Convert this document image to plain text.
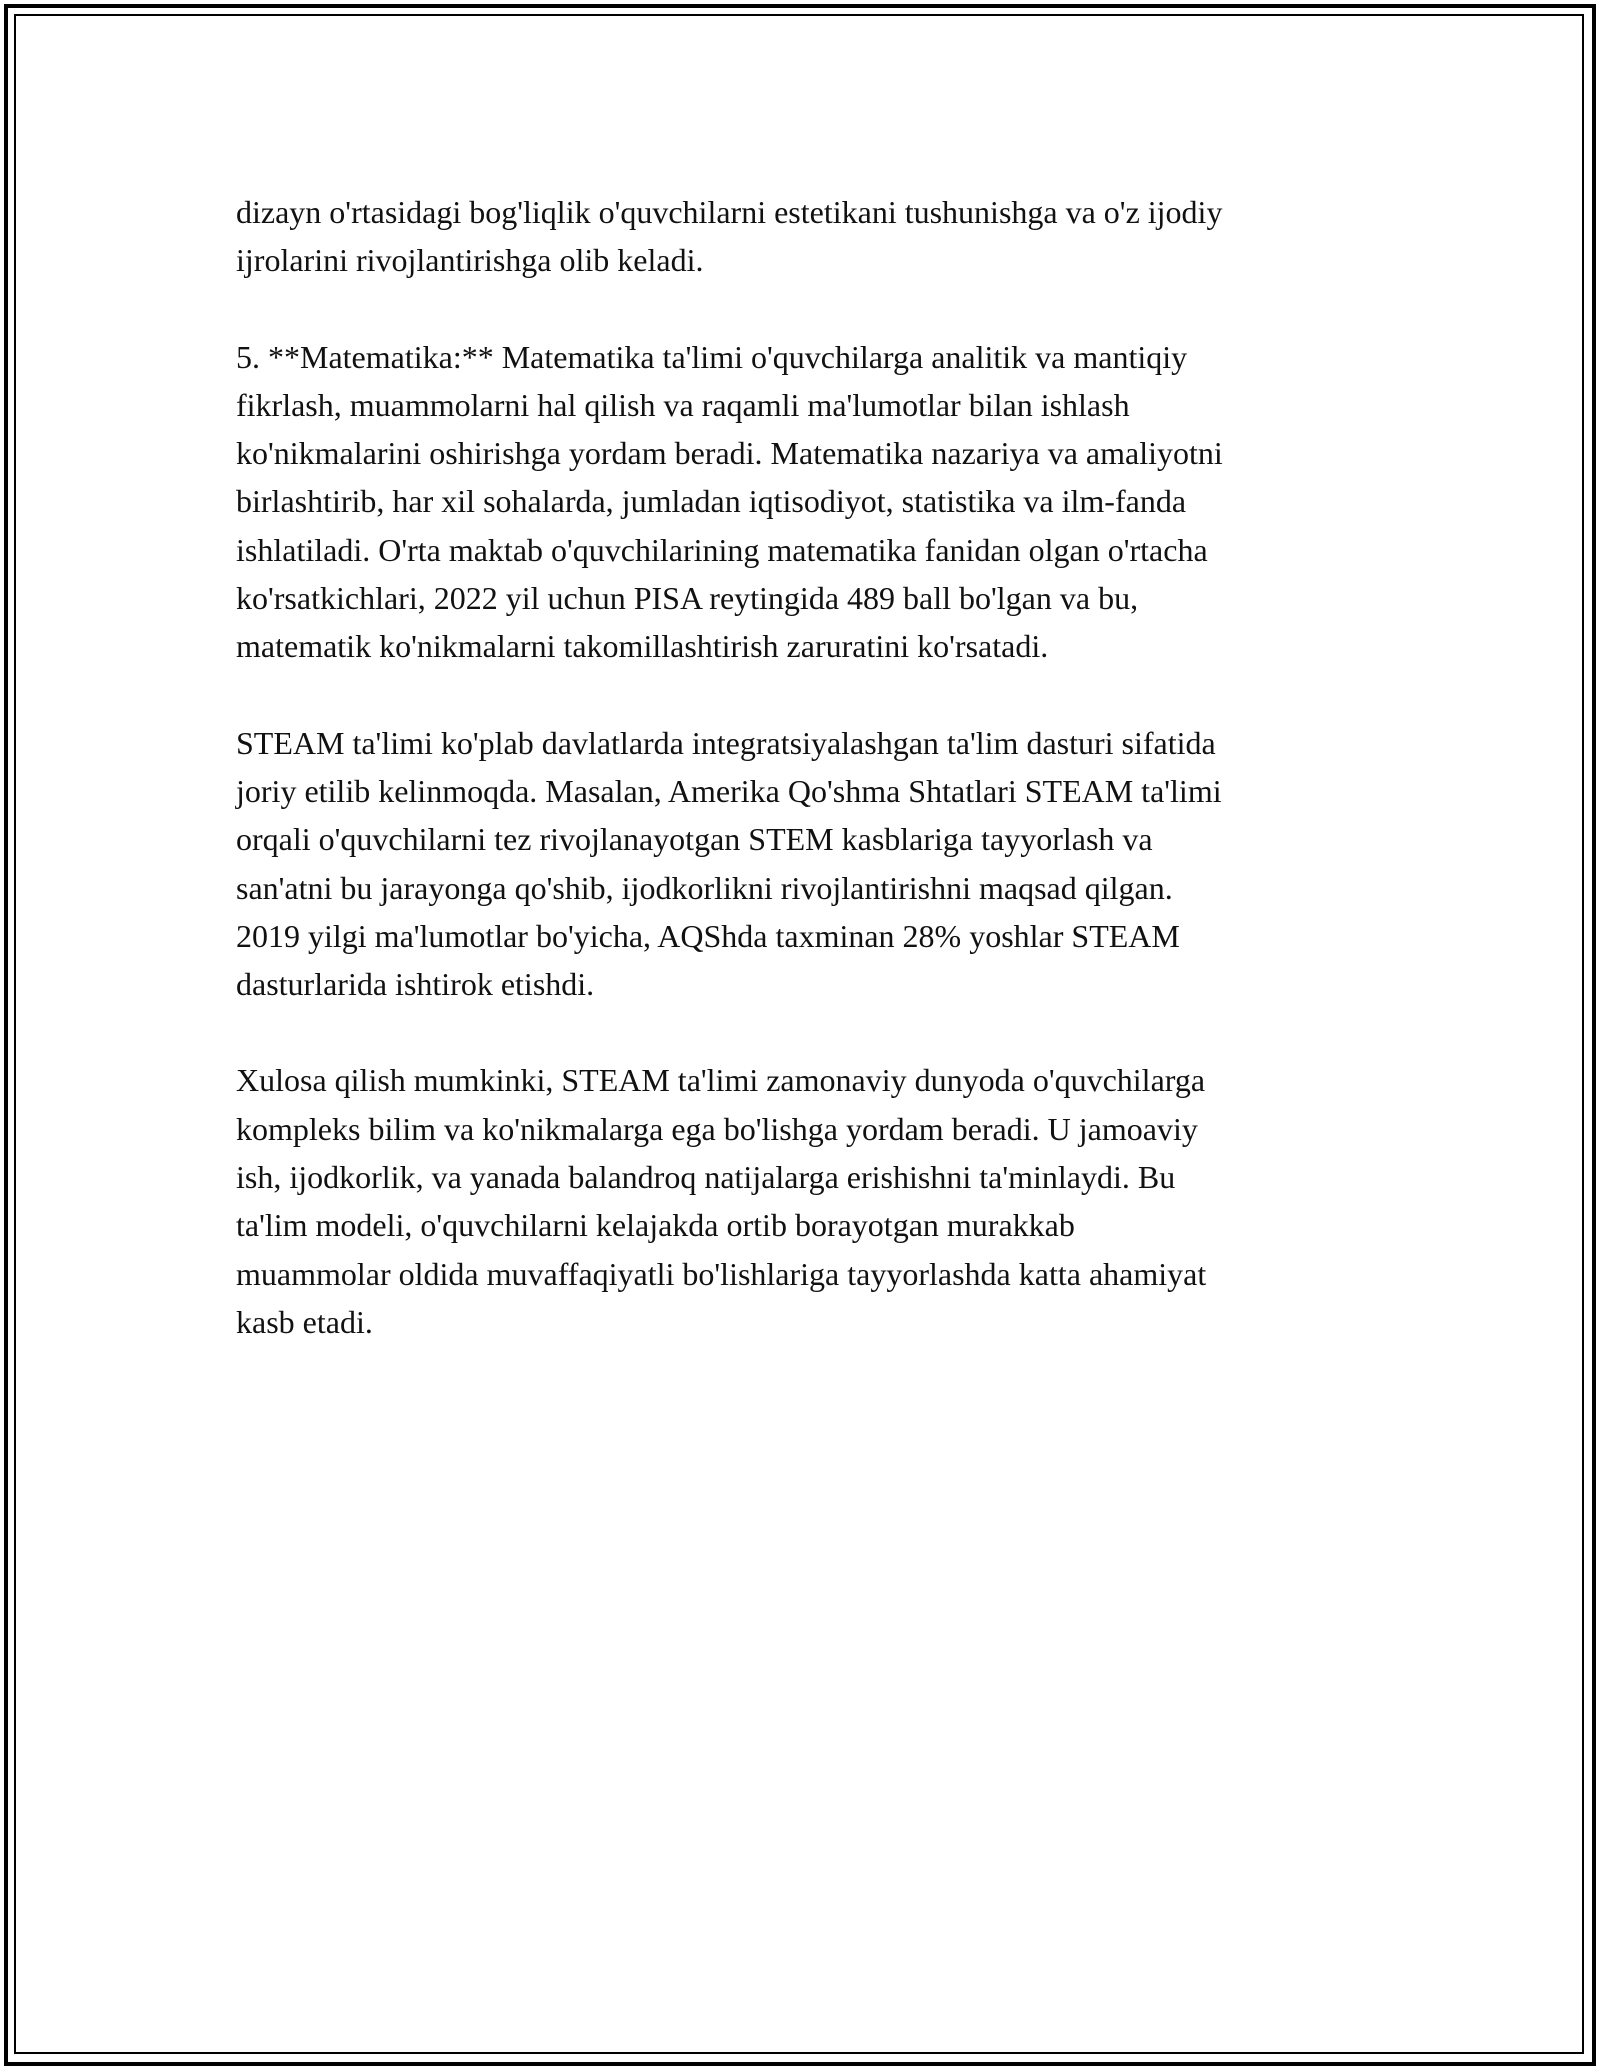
dizayn o'rtasidagi bog'liqlik o'quvchilarni estetikani tushunishga va o'z ijodiy
ijrolarini rivojlantirishga olib keladi.

5. **Matematika:** Matematika ta'limi o'quvchilarga analitik va mantiqiy
fikrlash, muammolarni hal qilish va raqamli ma'lumotlar bilan ishlash
ko'nikmalarini oshirishga yordam beradi. Matematika nazariya va amaliyotni
birlashtirib, har xil sohalarda, jumladan iqtisodiyot, statistika va ilm-fanda
ishlatiladi. O'rta maktab o'quvchilarining matematika fanidan olgan o'rtacha
ko'rsatkichlari, 2022 yil uchun PISA reytingida 489 ball bo'lgan va bu,
matematik ko'nikmalarni takomillashtirish zaruratini ko'rsatadi.

STEAM ta'limi ko'plab davlatlarda integratsiyalashgan ta'lim dasturi sifatida
joriy etilib kelinmoqda. Masalan, Amerika Qo'shma Shtatlari STEAM ta'limi
orqali o'quvchilarni tez rivojlanayotgan STEM kasblariga tayyorlash va
san'atni bu jarayonga qo'shib, ijodkorlikni rivojlantirishni maqsad qilgan.
2019 yilgi ma'lumotlar bo'yicha, AQShda taxminan 28% yoshlar STEAM
dasturlarida ishtirok etishdi.

Xulosa qilish mumkinki, STEAM ta'limi zamonaviy dunyoda o'quvchilarga
kompleks bilim va ko'nikmalarga ega bo'lishga yordam beradi. U jamoaviy
ish, ijodkorlik, va yanada balandroq natijalarga erishishni ta'minlaydi. Bu
ta'lim modeli, o'quvchilarni kelajakda ortib borayotgan murakkab
muammolar oldida muvaffaqiyatli bo'lishlariga tayyorlashda katta ahamiyat
kasb etadi.
